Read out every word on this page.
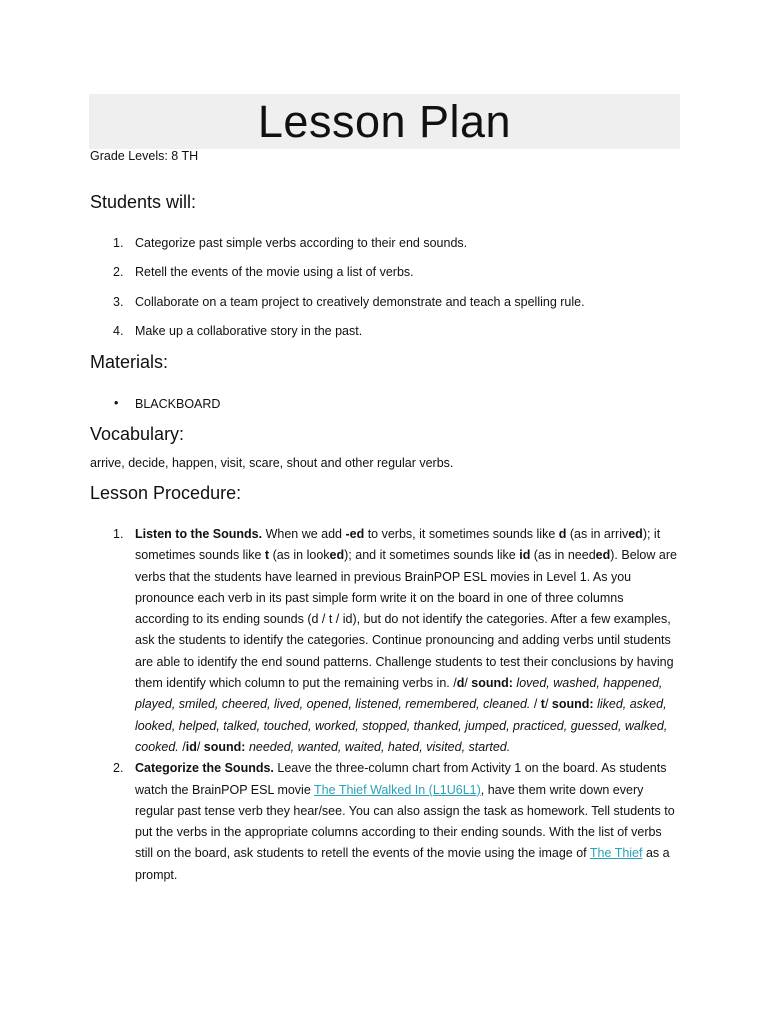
Lesson Plan
Grade Levels: 8 TH
Students will:
1. Categorize past simple verbs according to their end sounds.
2. Retell the events of the movie using a list of verbs.
3. Collaborate on a team project to creatively demonstrate and teach a spelling rule.
4. Make up a collaborative story in the past.
Materials:
• BLACKBOARD
Vocabulary:
arrive, decide, happen, visit, scare, shout and other regular verbs.
Lesson Procedure:
1. Listen to the Sounds. When we add -ed to verbs, it sometimes sounds like d (as in arrived); it sometimes sounds like t (as in looked); and it sometimes sounds like id (as in needed). Below are verbs that the students have learned in previous BrainPOP ESL movies in Level 1. As you pronounce each verb in its past simple form write it on the board in one of three columns according to its ending sounds (d / t / id), but do not identify the categories. After a few examples, ask the students to identify the categories. Continue pronouncing and adding verbs until students are able to identify the end sound patterns. Challenge students to test their conclusions by having them identify which column to put the remaining verbs in. /d/ sound: loved, washed, happened, played, smiled, cheered, lived, opened, listened, remembered, cleaned. / t/ sound: liked, asked, looked, helped, talked, touched, worked, stopped, thanked, jumped, practiced, guessed, walked, cooked. /id/ sound: needed, wanted, waited, hated, visited, started.
2. Categorize the Sounds. Leave the three-column chart from Activity 1 on the board. As students watch the BrainPOP ESL movie The Thief Walked In (L1U6L1), have them write down every regular past tense verb they hear/see. You can also assign the task as homework. Tell students to put the verbs in the appropriate columns according to their ending sounds. With the list of verbs still on the board, ask students to retell the events of the movie using the image of The Thief as a prompt.
